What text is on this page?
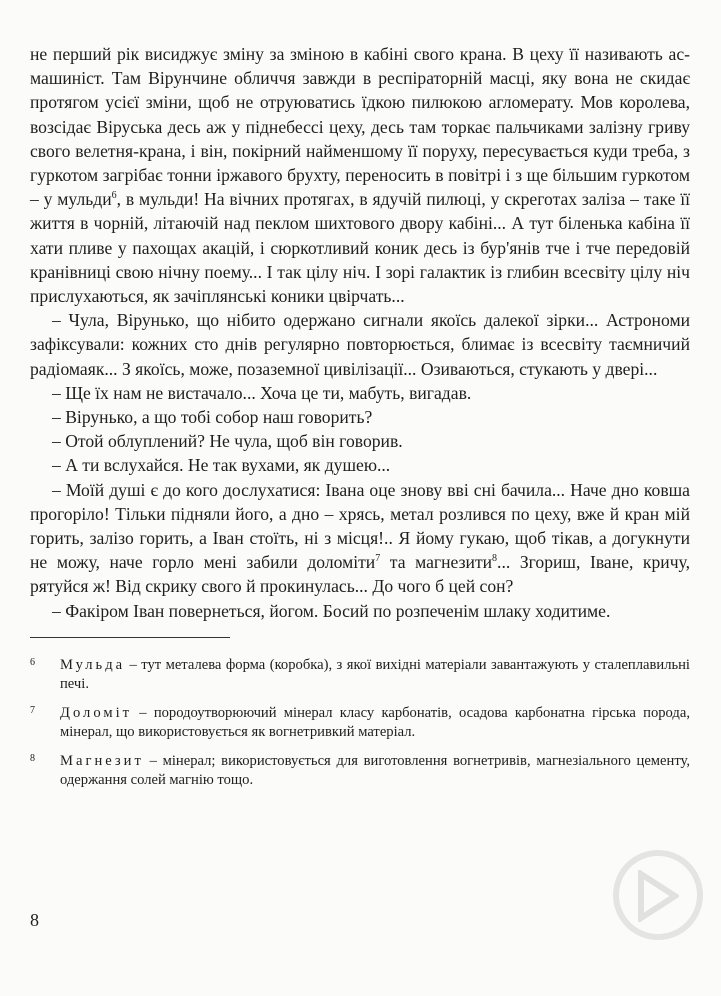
не перший рік висиджує зміну за зміною в кабіні свого крана. В цеху її називають ас-машиніст. Там Вірунчине обличчя завжди в респіраторній масці, яку вона не скидає протягом усієї зміни, щоб не отруюватись їдкою пилюкою агломерату. Мов королева, возсідає Віруська десь аж у піднебессі цеху, десь там торкає пальчиками залізну гриву свого велетня-крана, і він, покірний найменшому її поруху, пересувається куди треба, з гуркотом загрібає тонни іржавого брухту, переносить в повітрі і з ще більшим гуркотом – у мульди$^6$, в мульди! На вічних протягах, в ядучій пилюці, у скреготах заліза – таке її життя в чорній, літаючій над пеклом шихтового двору кабіні... А тут біленька кабіна її хати пливе у пахощах акацій, і сюркотливий коник десь із бур'янів тче і тче передовій кранівниці свою нічну поему... І так цілу ніч. І зорі галактик із глибин всесвіту цілу ніч прислухаються, як зачіплянські коники цвірчать...

– Чула, Вірунько, що нібито одержано сигнали якоїсь далекої зірки... Астрономи зафіксували: кожних сто днів регулярно повторюється, блимає із всесвіту таємничий радіомаяк... З якоїсь, може, позаземної цивілізації... Озиваються, стукають у двері...

– Ще їх нам не вистачало... Хоча це ти, мабуть, вигадав.

– Вірунько, а що тобі собор наш говорить?

– Отой облуплений? Не чула, щоб він говорив.

– А ти вслухайся. Не так вухами, як душею...

– Моїй душі є до кого дослухатися: Івана оце знову вві сні бачила... Наче дно ковша прогоріло! Тільки підняли його, а дно – хрясь, метал розлився по цеху, вже й кран мій горить, залізо горить, а Іван стоїть, ні з місця!.. Я йому гукаю, щоб тікав, а догукнути не можу, наче горло мені забили доломіти$^7$ та магнезити$^8$... Згориш, Іване, кричу, рятуйся ж! Від скрику свого й прокинулась... До чого б цей сон?

– Факіром Іван повернеться, йогом. Босий по розпеченім шлаку ходитиме.

6 Мульда – тут металева форма (коробка), з якої вихідні матеріали завантажують у сталеплавильні печі.
7 Доломіт – породоутворюючий мінерал класу карбонатів, осадова карбонатна гірська порода, мінерал, що використовується як вогнетривкий матеріал.
8 Магнезит – мінерал; використовується для виготовлення вогнетривів, магнезіального цементу, одержання солей магнію тощо.
8
